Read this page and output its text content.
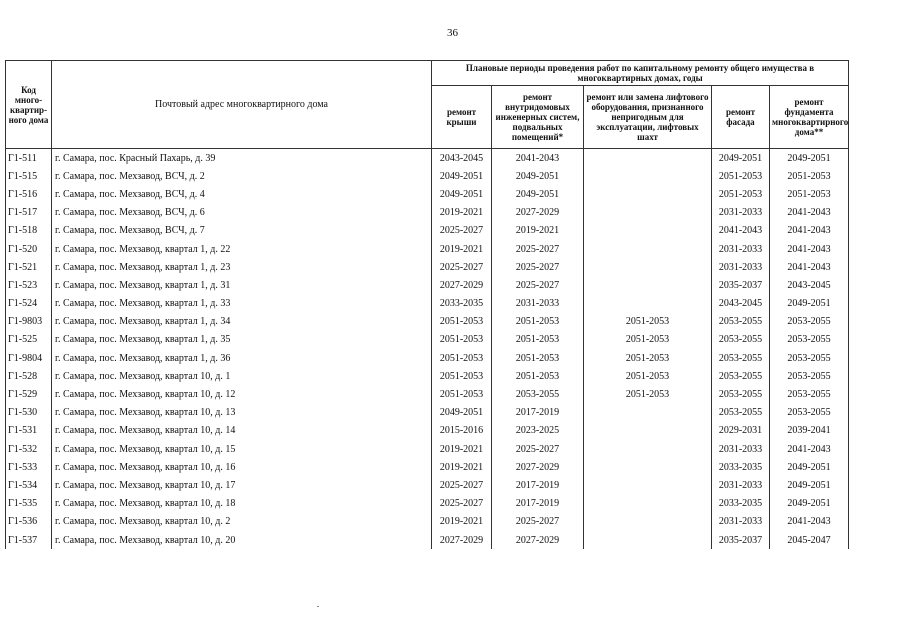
36
Код много-квартир-ного дома	Почтовый адрес многоквартирного дома	Плановые периоды проведения работ по капитальному ремонту общего имущества в многоквартирных домах, годы					
		ремонт крыши	ремонт внутридомовых инженерных систем, подвальных помещений*	ремонт или замена лифтового оборудования, признанного непригодным для эксплуатации, лифтовых шахт	ремонт фасада	ремонт фундамента многоквартирного дома**	
Г1-511	г. Самара, пос. Красный Пахарь, д. 39	2043-2045	2041-2043		2049-2051	2049-2051	
Г1-515	г. Самара, пос. Мехзавод, ВСЧ, д. 2	2049-2051	2049-2051		2051-2053	2051-2053	
Г1-516	г. Самара, пос. Мехзавод, ВСЧ, д. 4	2049-2051	2049-2051		2051-2053	2051-2053	
Г1-517	г. Самара, пос. Мехзавод, ВСЧ, д. 6	2019-2021	2027-2029		2031-2033	2041-2043	
Г1-518	г. Самара, пос. Мехзавод, ВСЧ, д. 7	2025-2027	2019-2021		2041-2043	2041-2043	
Г1-520	г. Самара, пос. Мехзавод, квартал 1, д. 22	2019-2021	2025-2027		2031-2033	2041-2043	
Г1-521	г. Самара, пос. Мехзавод, квартал 1, д. 23	2025-2027	2025-2027		2031-2033	2041-2043	
Г1-523	г. Самара, пос. Мехзавод, квартал 1, д. 31	2027-2029	2025-2027		2035-2037	2043-2045	
Г1-524	г. Самара, пос. Мехзавод, квартал 1, д. 33	2033-2035	2031-2033		2043-2045	2049-2051	
Г1-9803	г. Самара, пос. Мехзавод, квартал 1, д. 34	2051-2053	2051-2053	2051-2053	2053-2055	2053-2055	
Г1-525	г. Самара, пос. Мехзавод, квартал 1, д. 35	2051-2053	2051-2053	2051-2053	2053-2055	2053-2055	
Г1-9804	г. Самара, пос. Мехзавод, квартал 1, д. 36	2051-2053	2051-2053	2051-2053	2053-2055	2053-2055	
Г1-528	г. Самара, пос. Мехзавод, квартал 10, д. 1	2051-2053	2051-2053	2051-2053	2053-2055	2053-2055	
Г1-529	г. Самара, пос. Мехзавод, квартал 10, д. 12	2051-2053	2053-2055	2051-2053	2053-2055	2053-2055	
Г1-530	г. Самара, пос. Мехзавод, квартал 10, д. 13	2049-2051	2017-2019		2053-2055	2053-2055	
Г1-531	г. Самара, пос. Мехзавод, квартал 10, д. 14	2015-2016	2023-2025		2029-2031	2039-2041	
Г1-532	г. Самара, пос. Мехзавод, квартал 10, д. 15	2019-2021	2025-2027		2031-2033	2041-2043	
Г1-533	г. Самара, пос. Мехзавод, квартал 10, д. 16	2019-2021	2027-2029		2033-2035	2049-2051	
Г1-534	г. Самара, пос. Мехзавод, квартал 10, д. 17	2025-2027	2017-2019		2031-2033	2049-2051	
Г1-535	г. Самара, пос. Мехзавод, квартал 10, д. 18	2025-2027	2017-2019		2033-2035	2049-2051	
Г1-536	г. Самара, пос. Мехзавод, квартал 10, д. 2	2019-2021	2025-2027		2031-2033	2041-2043	
Г1-537	г. Самара, пос. Мехзавод, квартал 10, д. 20	2027-2029	2027-2029		2035-2037	2045-2047	
